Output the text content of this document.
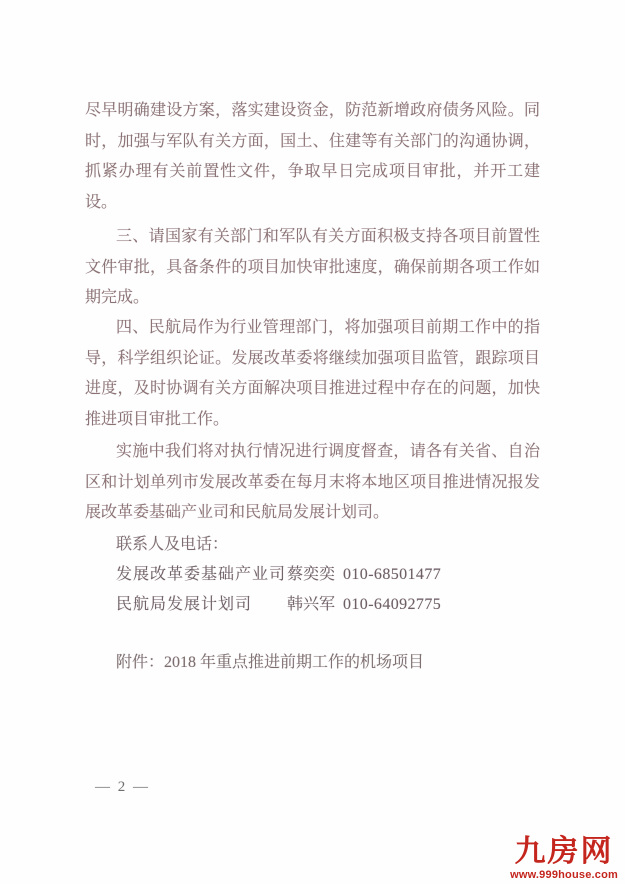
尽早明确建设方案，落实建设资金，防范新增政府债务风险。同
时，加强与军队有关方面，国土、住建等有关部门的沟通协调，
抓紧办理有关前置性文件，争取早日完成项目审批，并开工建
设。
三、请国家有关部门和军队有关方面积极支持各项目前置性
文件审批，具备条件的项目加快审批速度，确保前期各项工作如
期完成。
四、民航局作为行业管理部门，将加强项目前期工作中的指
导，科学组织论证。发展改革委将继续加强项目监管，跟踪项目
进度，及时协调有关方面解决项目推进过程中存在的问题，加快
推进项目审批工作。
实施中我们将对执行情况进行调度督查，请各有关省、自治
区和计划单列市发展改革委在每月末将本地区项目推进情况报发
展改革委基础产业司和民航局发展计划司。
联系人及电话：
发展改革委基础产业司 蔡奕奕 010-68501477
民航局发展计划司	韩兴军 010-64092775
附件：2018 年重点推进前期工作的机场项目
— 2 —
九房网
www.999house.com
